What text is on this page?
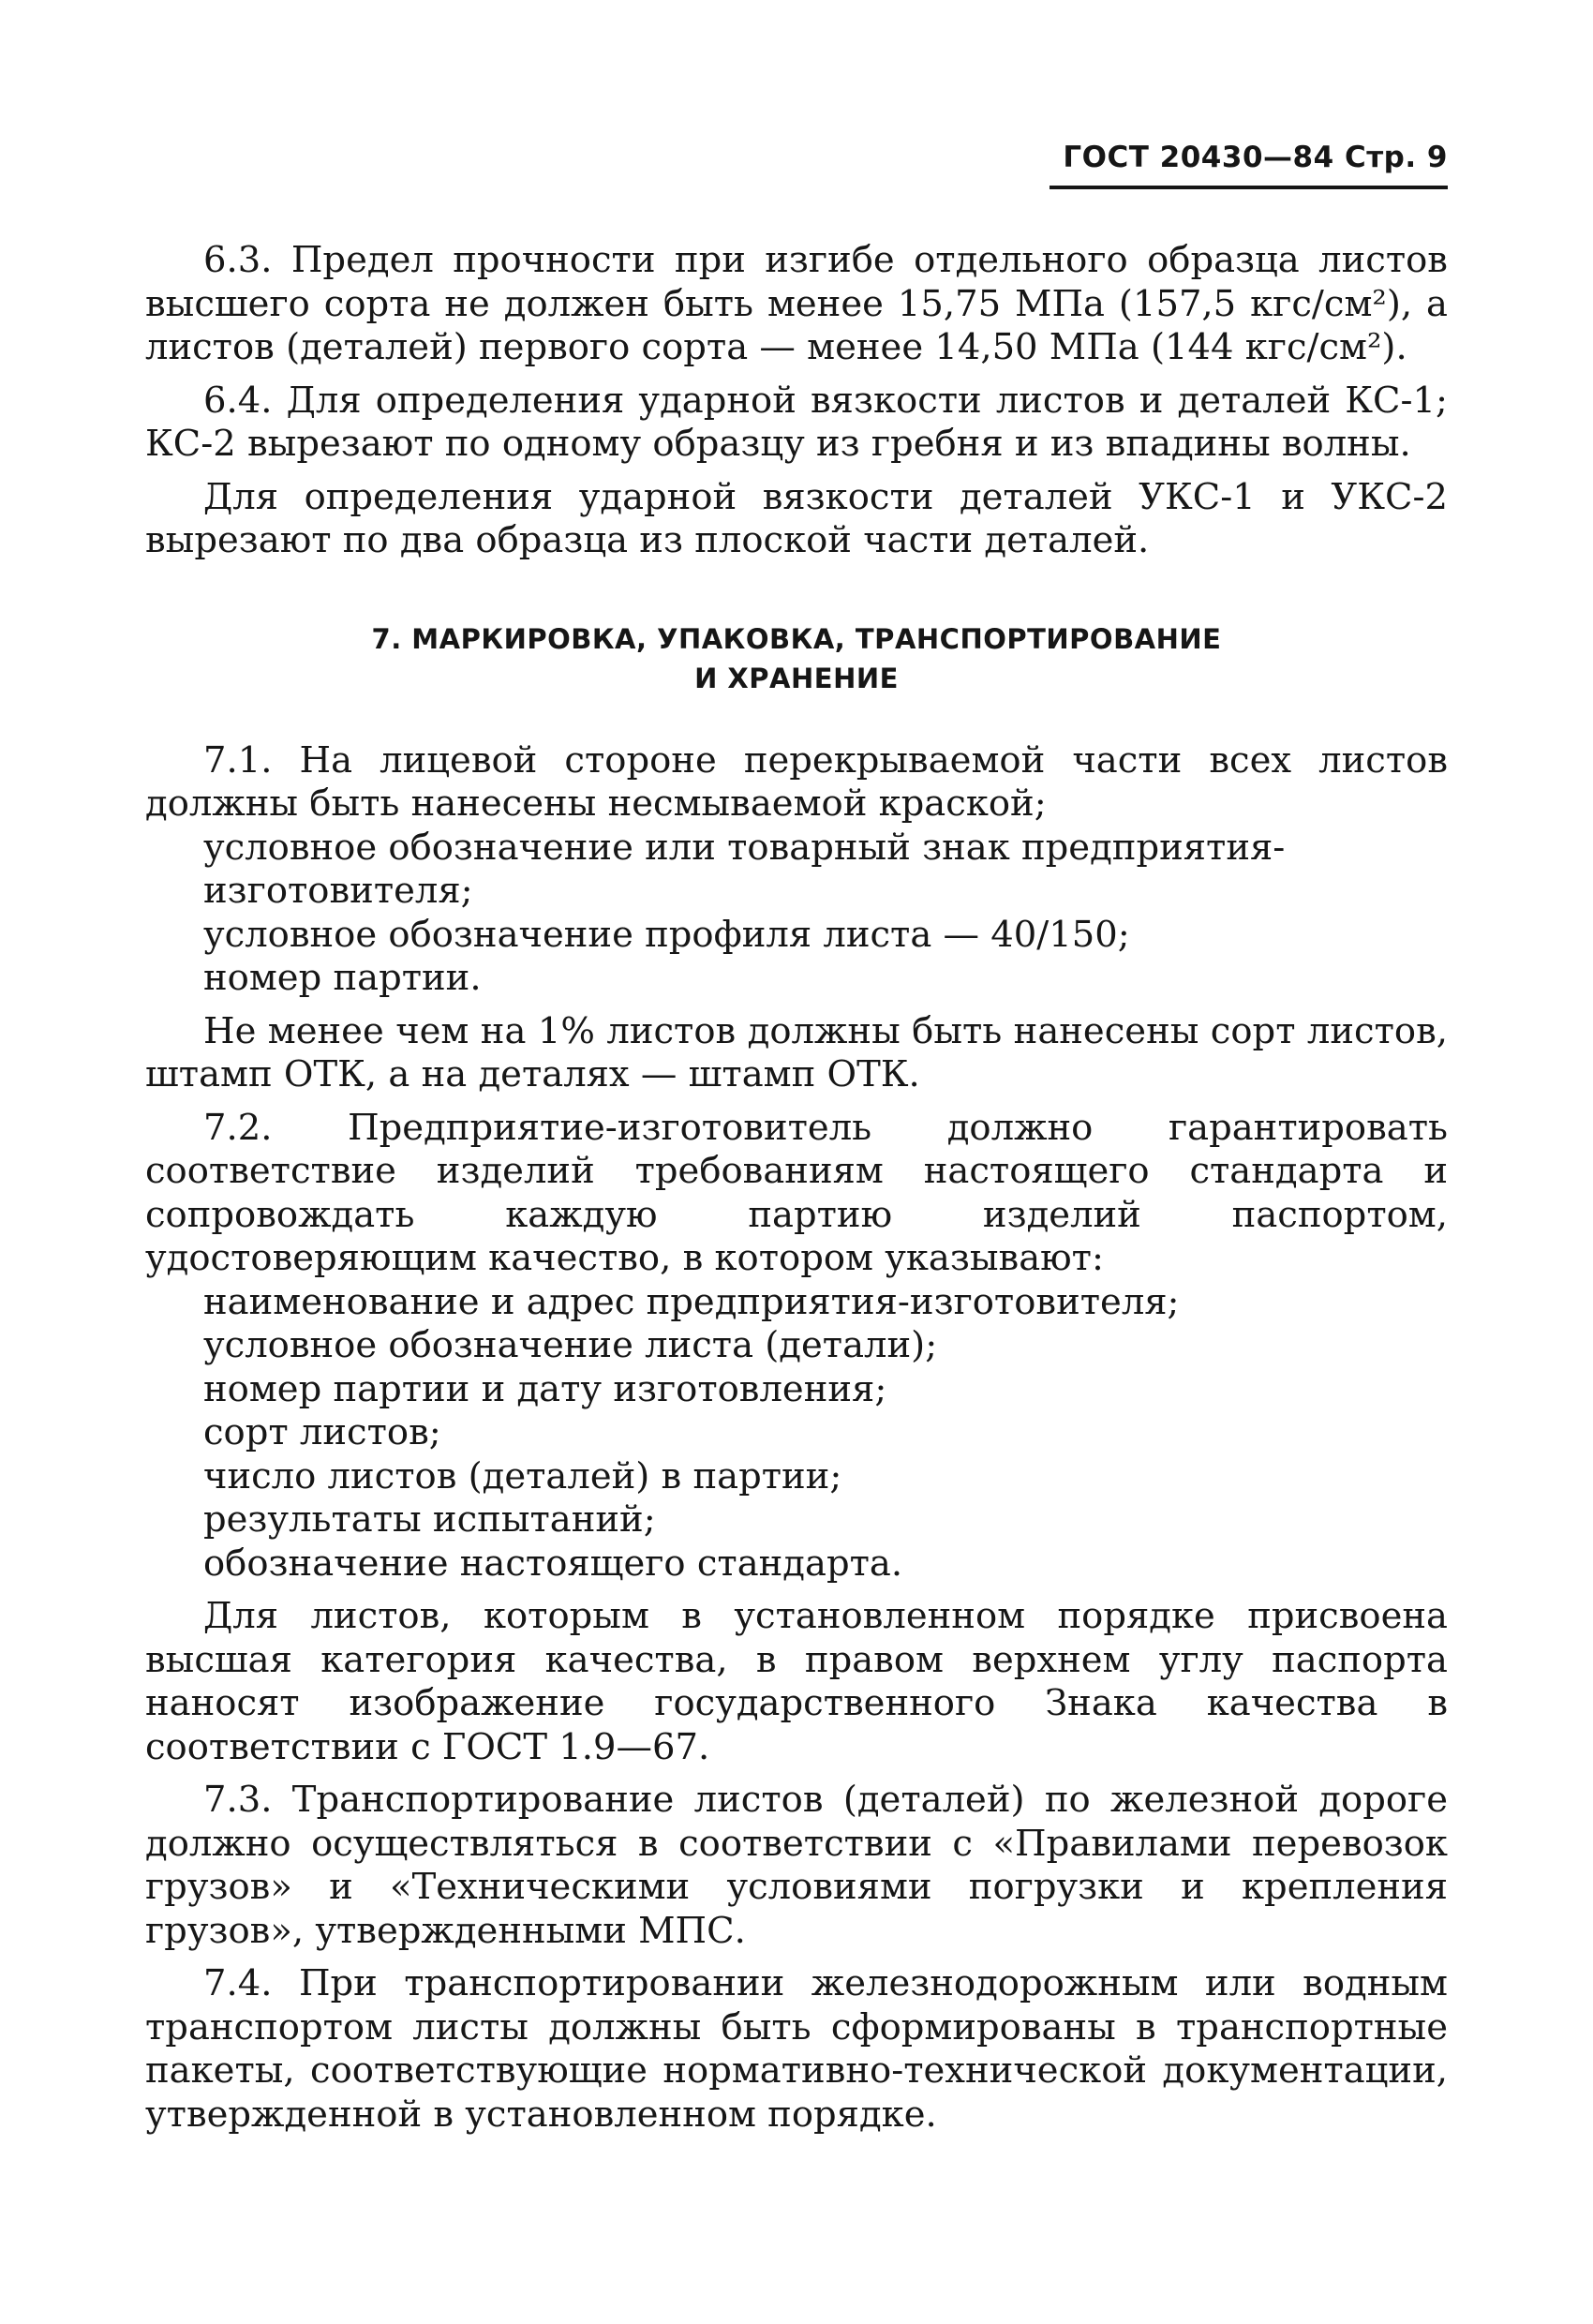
ГОСТ 20430—84 Стр. 9

6.3. Предел прочности при изгибе отдельного образца листов высшего сорта не должен быть менее 15,75 МПа (157,5 кгс/см²), а листов (деталей) первого сорта — менее 14,50 МПа (144 кгс/см²).

6.4. Для определения ударной вязкости листов и деталей КС-1; КС-2 вырезают по одному образцу из гребня и из впадины волны.

Для определения ударной вязкости деталей УКС-1 и УКС-2 вырезают по два образца из плоской части деталей.

7. МАРКИРОВКА, УПАКОВКА, ТРАНСПОРТИРОВАНИЕ
И ХРАНЕНИЕ

7.1. На лицевой стороне перекрываемой части всех листов должны быть нанесены несмываемой краской;

условное обозначение или товарный знак предприятия-изготовителя;

условное обозначение профиля листа — 40/150;

номер партии.

Не менее чем на 1% листов должны быть нанесены сорт листов, штамп ОТК, а на деталях — штамп ОТК.

7.2. Предприятие-изготовитель должно гарантировать соответствие изделий требованиям настоящего стандарта и сопровождать каждую партию изделий паспортом, удостоверяющим качество, в котором указывают:

наименование и адрес предприятия-изготовителя;

условное обозначение листа (детали);

номер партии и дату изготовления;

сорт листов;

число листов (деталей) в партии;

результаты испытаний;

обозначение настоящего стандарта.

Для листов, которым в установленном порядке присвоена высшая категория качества, в правом верхнем углу паспорта наносят изображение государственного Знака качества в соответствии с ГОСТ 1.9—67.

7.3. Транспортирование листов (деталей) по железной дороге должно осуществляться в соответствии с «Правилами перевозок грузов» и «Техническими условиями погрузки и крепления грузов», утвержденными МПС.

7.4. При транспортировании железнодорожным или водным транспортом листы должны быть сформированы в транспортные пакеты, соответствующие нормативно-технической документации, утвержденной в установленном порядке.
